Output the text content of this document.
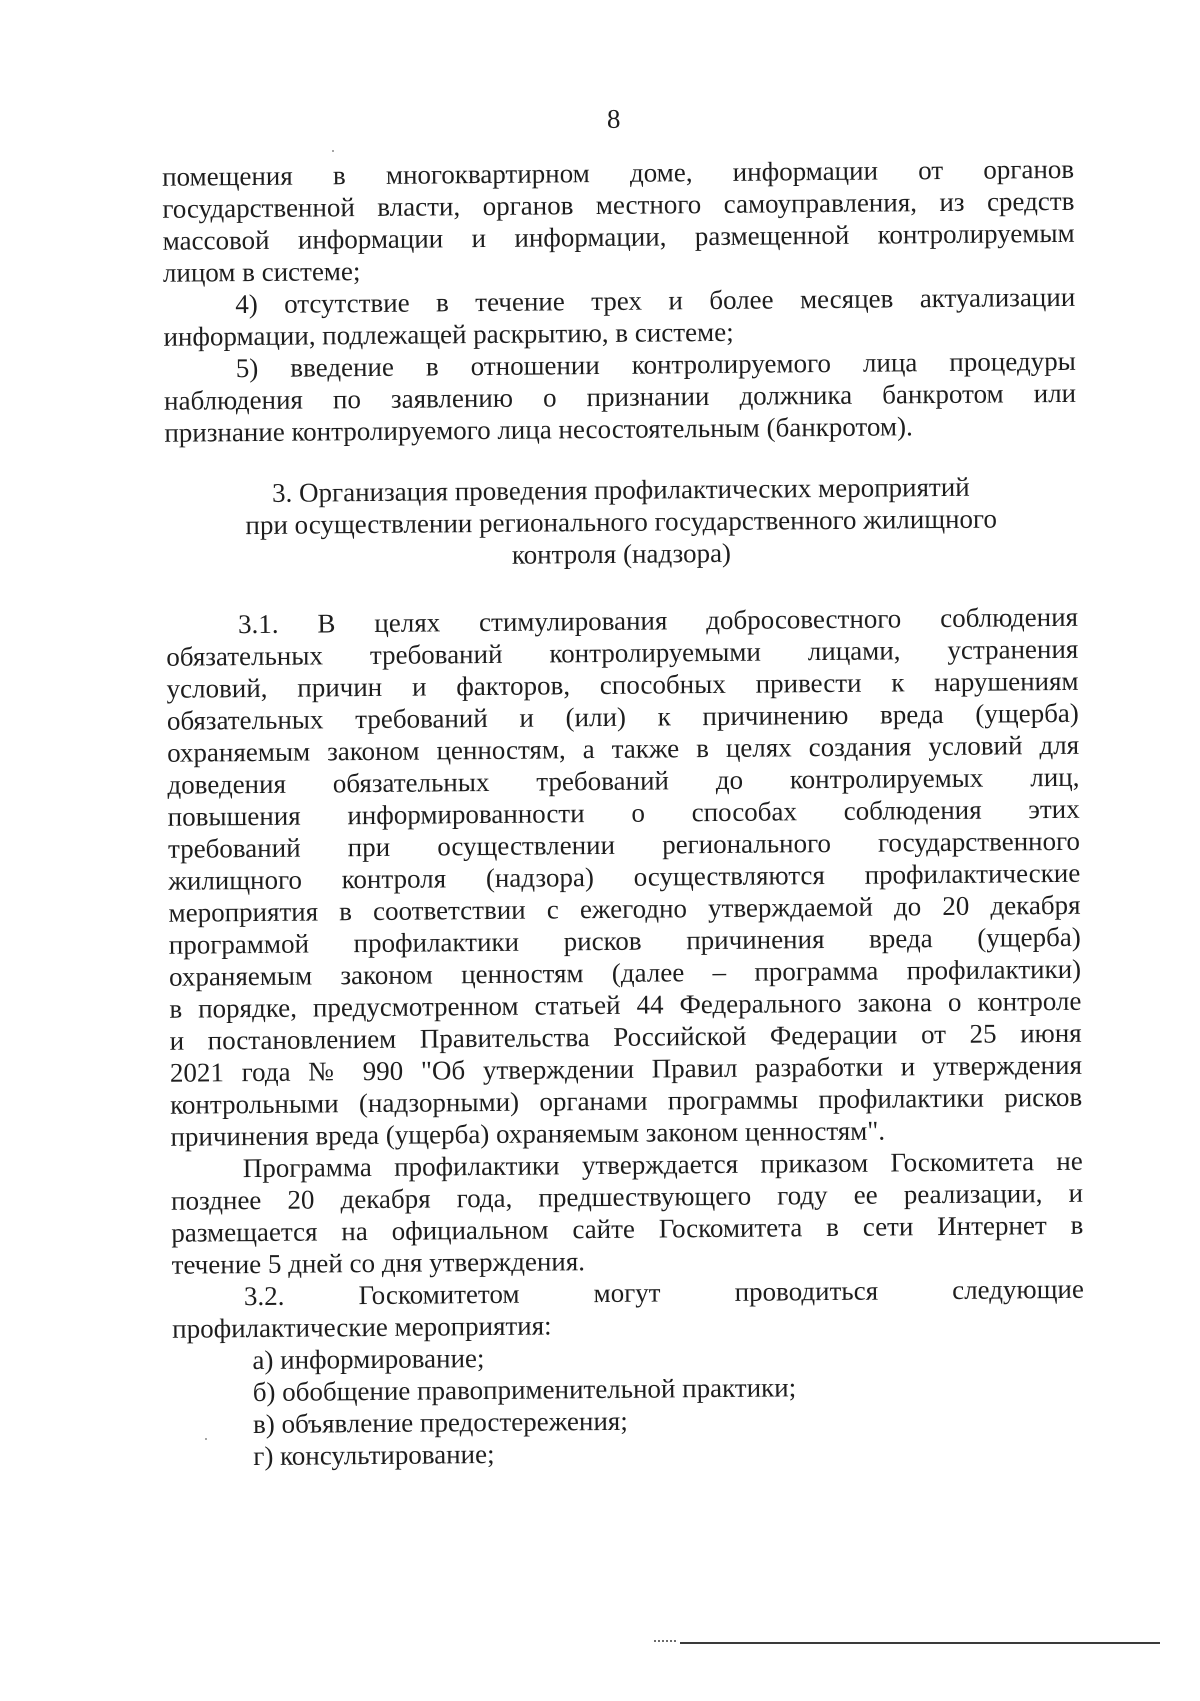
8
помещения в многоквартирном доме, информации от органов
государственной власти, органов местного самоуправления, из средств
массовой информации и информации, размещенной контролируемым
лицом в системе;
4) отсутствие в течение трех и более месяцев актуализации
информации, подлежащей раскрытию, в системе;
5) введение в отношении контролируемого лица процедуры
наблюдения по заявлению о признании должника банкротом или
признание контролируемого лица несостоятельным (банкротом).
3. Организация проведения профилактических мероприятий
при осуществлении регионального государственного жилищного
контроля (надзора)
3.1. В целях стимулирования добросовестного соблюдения
обязательных требований контролируемыми лицами, устранения
условий, причин и факторов, способных привести к нарушениям
обязательных требований и (или) к причинению вреда (ущерба)
охраняемым законом ценностям, а также в целях создания условий для
доведения обязательных требований до контролируемых лиц,
повышения информированности о способах соблюдения этих
требований при осуществлении регионального государственного
жилищного контроля (надзора) осуществляются профилактические
мероприятия в соответствии с ежегодно утверждаемой до 20 декабря
программой профилактики рисков причинения вреда (ущерба)
охраняемым законом ценностям (далее – программа профилактики)
в порядке, предусмотренном статьей 44 Федерального закона о контроле
и постановлением Правительства Российской Федерации от 25 июня
2021 года № 990 "Об утверждении Правил разработки и утверждения
контрольными (надзорными) органами программы профилактики рисков
причинения вреда (ущерба) охраняемым законом ценностям".
Программа профилактики утверждается приказом Госкомитета не
позднее 20 декабря года, предшествующего году ее реализации, и
размещается на официальном сайте Госкомитета в сети Интернет в
течение 5 дней со дня утверждения.
3.2. Госкомитетом могут проводиться следующие
профилактические мероприятия:
а) информирование;
б) обобщение правоприменительной практики;
в) объявление предостережения;
г) консультирование;
